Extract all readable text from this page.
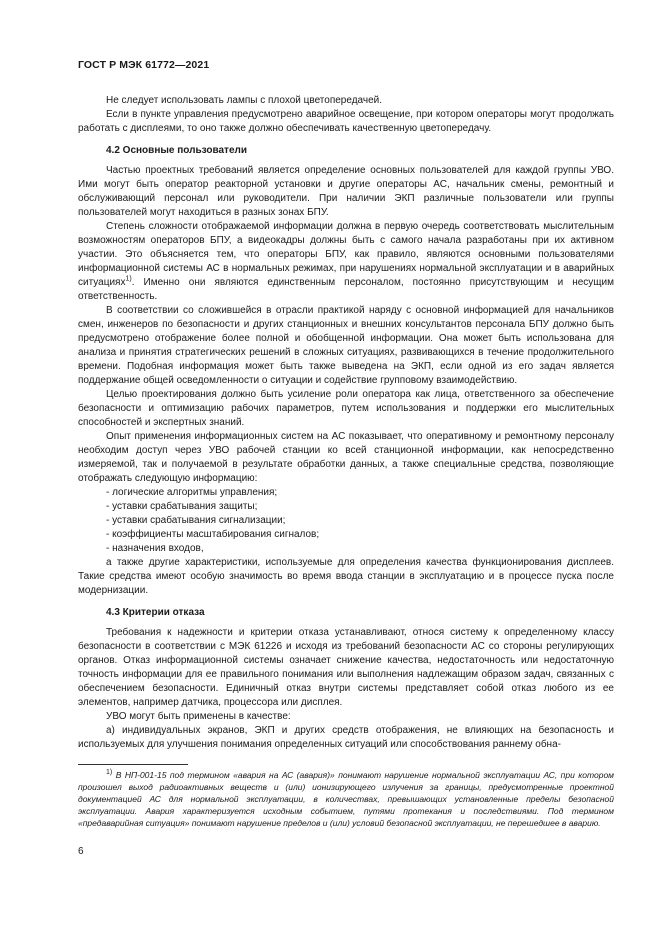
ГОСТ Р МЭК 61772—2021

Не следует использовать лампы с плохой цветопередачей.

Если в пункте управления предусмотрено аварийное освещение, при котором операторы могут продолжать работать с дисплеями, то оно также должно обеспечивать качественную цветопередачу.

4.2 Основные пользователи

Частью проектных требований является определение основных пользователей для каждой группы УВО. Ими могут быть оператор реакторной установки и другие операторы АС, начальник смены, ремонтный и обслуживающий персонал или руководители. При наличии ЭКП различные пользователи или группы пользователей могут находиться в разных зонах БПУ.

Степень сложности отображаемой информации должна в первую очередь соответствовать мыслительным возможностям операторов БПУ, а видеокадры должны быть с самого начала разработаны при их активном участии. Это объясняется тем, что операторы БПУ, как правило, являются основными пользователями информационной системы АС в нормальных режимах, при нарушениях нормальной эксплуатации и в аварийных ситуациях$^{1)}$. Именно они являются единственным персоналом, постоянно присутствующим и несущим ответственность.

В соответствии со сложившейся в отрасли практикой наряду с основной информацией для начальников смен, инженеров по безопасности и других станционных и внешних консультантов персонала БПУ должно быть предусмотрено отображение более полной и обобщенной информации. Она может быть использована для анализа и принятия стратегических решений в сложных ситуациях, развивающихся в течение продолжительного времени. Подобная информация может быть также выведена на ЭКП, если одной из его задач является поддержание общей осведомленности о ситуации и содействие групповому взаимодействию.

Целью проектирования должно быть усиление роли оператора как лица, ответственного за обеспечение безопасности и оптимизацию рабочих параметров, путем использования и поддержки его мыслительных способностей и экспертных знаний.

Опыт применения информационных систем на АС показывает, что оперативному и ремонтному персоналу необходим доступ через УВО рабочей станции ко всей станционной информации, как непосредственно измеряемой, так и получаемой в результате обработки данных, а также специальные средства, позволяющие отображать следующую информацию:

- логические алгоритмы управления;
- уставки срабатывания защиты;
- уставки срабатывания сигнализации;
- коэффициенты масштабирования сигналов;
- назначения входов,

а также другие характеристики, используемые для определения качества функционирования дисплеев. Такие средства имеют особую значимость во время ввода станции в эксплуатацию и в процессе пуска после модернизации.

4.3 Критерии отказа

Требования к надежности и критерии отказа устанавливают, относя систему к определенному классу безопасности в соответствии с МЭК 61226 и исходя из требований безопасности АС со стороны регулирующих органов. Отказ информационной системы означает снижение качества, недостаточность или недостаточную точность информации для ее правильного понимания или выполнения надлежащим образом задач, связанных с обеспечением безопасности. Единичный отказ внутри системы представляет собой отказ любого из ее элементов, например датчика, процессора или дисплея.

УВО могут быть применены в качестве:

а) индивидуальных экранов, ЭКП и других средств отображения, не влияющих на безопасность и используемых для улучшения понимания определенных ситуаций или способствования раннему обна-

$^{1)}$ В НП-001-15 под термином «авария на АС (авария)» понимают нарушение нормальной эксплуатации АС, при котором произошел выход радиоактивных веществ и (или) ионизирующего излучения за границы, предусмотренные проектной документацией АС для нормальной эксплуатации, в количествах, превышающих установленные пределы безопасной эксплуатации. Авария характеризуется исходным событием, путями протекания и последствиями. Под термином «предаварийная ситуация» понимают нарушение пределов и (или) условий безопасной эксплуатации, не перешедшее в аварию.
6
